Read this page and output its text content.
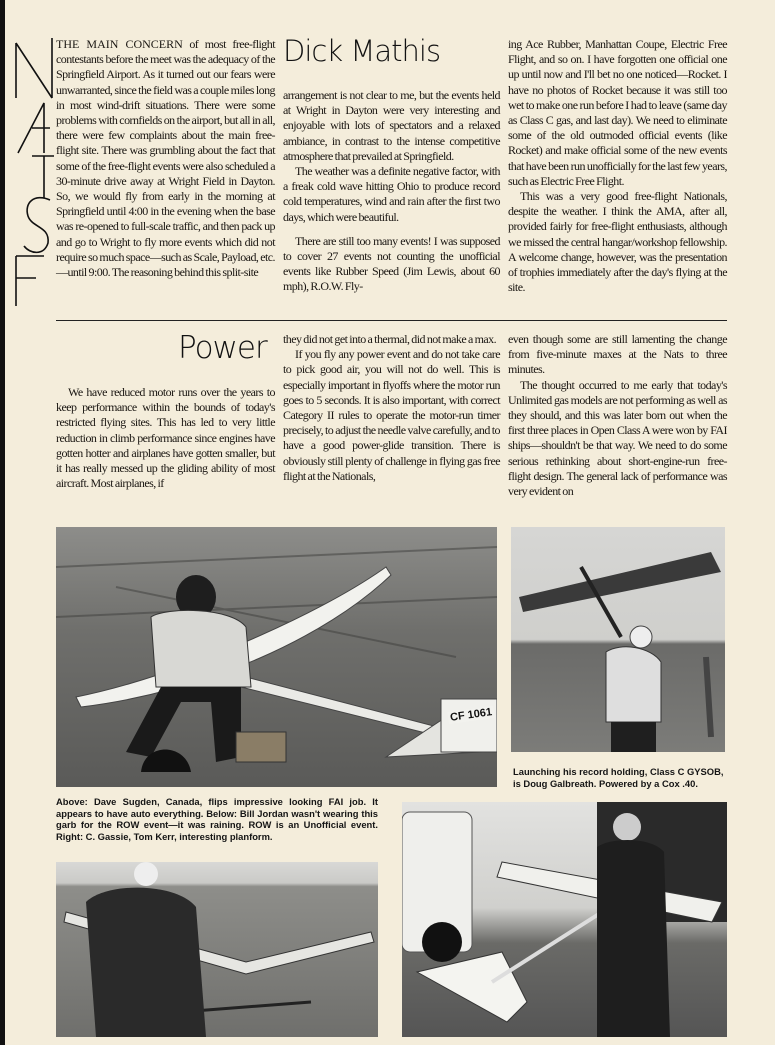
THE MAIN CONCERN of most free-flight contestants before the meet was the adequacy of the Springfield Airport. As it turned out our fears were unwarranted, since the field was a couple miles long in most wind-drift situations. There were some problems with cornfields on the airport, but all in all, there were few complaints about the main free-flight site. There was grumbling about the fact that some of the free-flight events were also scheduled a 30-minute drive away at Wright Field in Dayton. So, we would fly from early in the morning at Springfield until 4:00 in the evening when the base was re-opened to full-scale traffic, and then pack up and go to Wright to fly more events which did not require so much space—such as Scale, Payload, etc.—until 9:00. The reasoning behind this split-site

Dick Mathis

arrangement is not clear to me, but the events held at Wright in Dayton were very interesting and enjoyable with lots of spectators and a relaxed ambiance, in contrast to the intense competitive atmosphere that prevailed at Springfield.

The weather was a definite negative factor, with a freak cold wave hitting Ohio to produce record cold temperatures, wind and rain after the first two days, which were beautiful.

There are still too many events! I was supposed to cover 27 events not counting the unofficial events like Rubber Speed (Jim Lewis, about 60 mph), R.O.W. Fly-

ing Ace Rubber, Manhattan Coupe, Electric Free Flight, and so on. I have forgotten one official one up until now and I'll bet no one noticed—Rocket. I have no photos of Rocket because it was still too wet to make one run before I had to leave (same day as Class C gas, and last day). We need to eliminate some of the old outmoded official events (like Rocket) and make official some of the new events that have been run unofficially for the last few years, such as Electric Free Flight.

This was a very good free-flight Nationals, despite the weather. I think the AMA, after all, provided fairly for free-flight enthusiasts, although we missed the central hangar/workshop fellowship. A welcome change, however, was the presentation of trophies immediately after the day's flying at the site.

Power

We have reduced motor runs over the years to keep performance within the bounds of today's restricted flying sites. This has led to very little reduction in climb performance since engines have gotten hotter and airplanes have gotten smaller, but it has really messed up the gliding ability of most aircraft. Most airplanes, if

they did not get into a thermal, did not make a max.

If you fly any power event and do not take care to pick good air, you will not do well. This is especially important in flyoffs where the motor run goes to 5 seconds. It is also important, with correct Category II rules to operate the motor-run timer precisely, to adjust the needle valve carefully, and to have a good power-glide transition. There is obviously still plenty of challenge in flying gas free flight at the Nationals,

even though some are still lamenting the change from five-minute maxes at the Nats to three minutes.

The thought occurred to me early that today's Unlimited gas models are not performing as well as they should, and this was later born out when the first three places in Open Class A were won by FAI ships—shouldn't be that way. We need to do some serious rethinking about short-engine-run free-flight design. The general lack of performance was very evident on

CF 1061
Launching his record holding, Class C GYSOB, is Doug Galbreath. Powered by a Cox .40.
Above: Dave Sugden, Canada, flips impressive looking FAI job. It appears to have auto everything. Below: Bill Jordan wasn't wearing this garb for the ROW event—it was raining. ROW is an Unofficial event. Right: C. Gassie, Tom Kerr, interesting planform.
